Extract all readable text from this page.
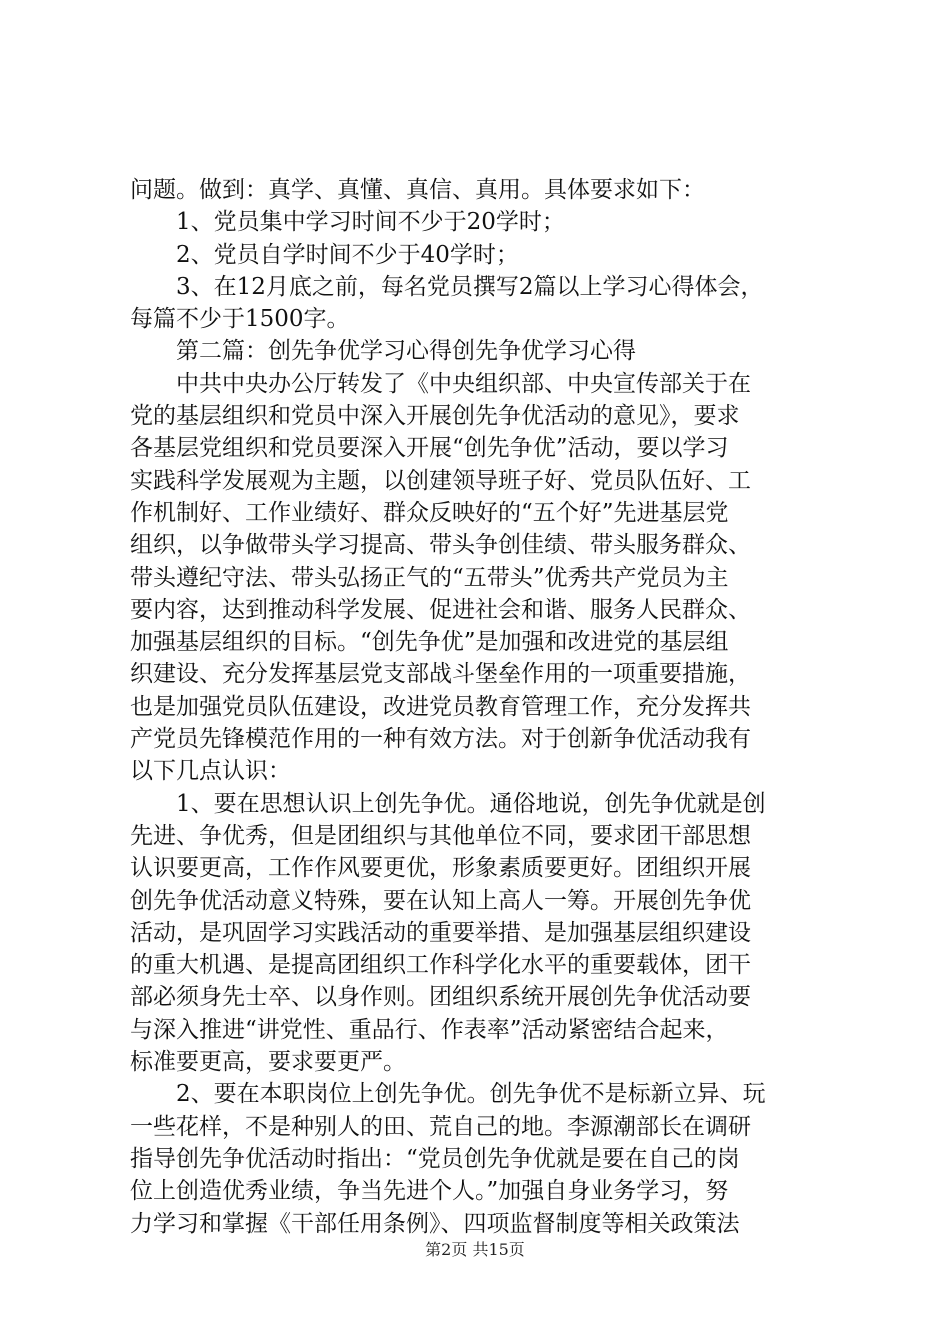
问题。做到：真学、真懂、真信、真用。具体要求如下：
　　1、党员集中学习时间不少于20学时；
　　2、党员自学时间不少于40学时；
　　3、在12月底之前，每名党员撰写2篇以上学习心得体会，
每篇不少于1500字。
　　第二篇：创先争优学习心得创先争优学习心得
　　中共中央办公厅转发了《中央组织部、中央宣传部关于在
党的基层组织和党员中深入开展创先争优活动的意见》，要求
各基层党组织和党员要深入开展“创先争优”活动，要以学习
实践科学发展观为主题，以创建领导班子好、党员队伍好、工
作机制好、工作业绩好、群众反映好的“五个好”先进基层党
组织，以争做带头学习提高、带头争创佳绩、带头服务群众、
带头遵纪守法、带头弘扬正气的“五带头”优秀共产党员为主
要内容，达到推动科学发展、促进社会和谐、服务人民群众、
加强基层组织的目标。“创先争优”是加强和改进党的基层组
织建设、充分发挥基层党支部战斗堡垒作用的一项重要措施，
也是加强党员队伍建设，改进党员教育管理工作，充分发挥共
产党员先锋模范作用的一种有效方法。对于创新争优活动我有
以下几点认识：
　　1、要在思想认识上创先争优。通俗地说，创先争优就是创
先进、争优秀，但是团组织与其他单位不同，要求团干部思想
认识要更高，工作作风要更优，形象素质要更好。团组织开展
创先争优活动意义特殊，要在认知上高人一筹。开展创先争优
活动，是巩固学习实践活动的重要举措、是加强基层组织建设
的重大机遇、是提高团组织工作科学化水平的重要载体，团干
部必须身先士卒、以身作则。团组织系统开展创先争优活动要
与深入推进“讲党性、重品行、作表率”活动紧密结合起来，
标准要更高，要求要更严。
　　2、要在本职岗位上创先争优。创先争优不是标新立异、玩
一些花样，不是种别人的田、荒自己的地。李源潮部长在调研
指导创先争优活动时指出：“党员创先争优就是要在自己的岗
位上创造优秀业绩，争当先进个人。”加强自身业务学习，努
力学习和掌握《干部任用条例》、四项监督制度等相关政策法
第2页 共15页
